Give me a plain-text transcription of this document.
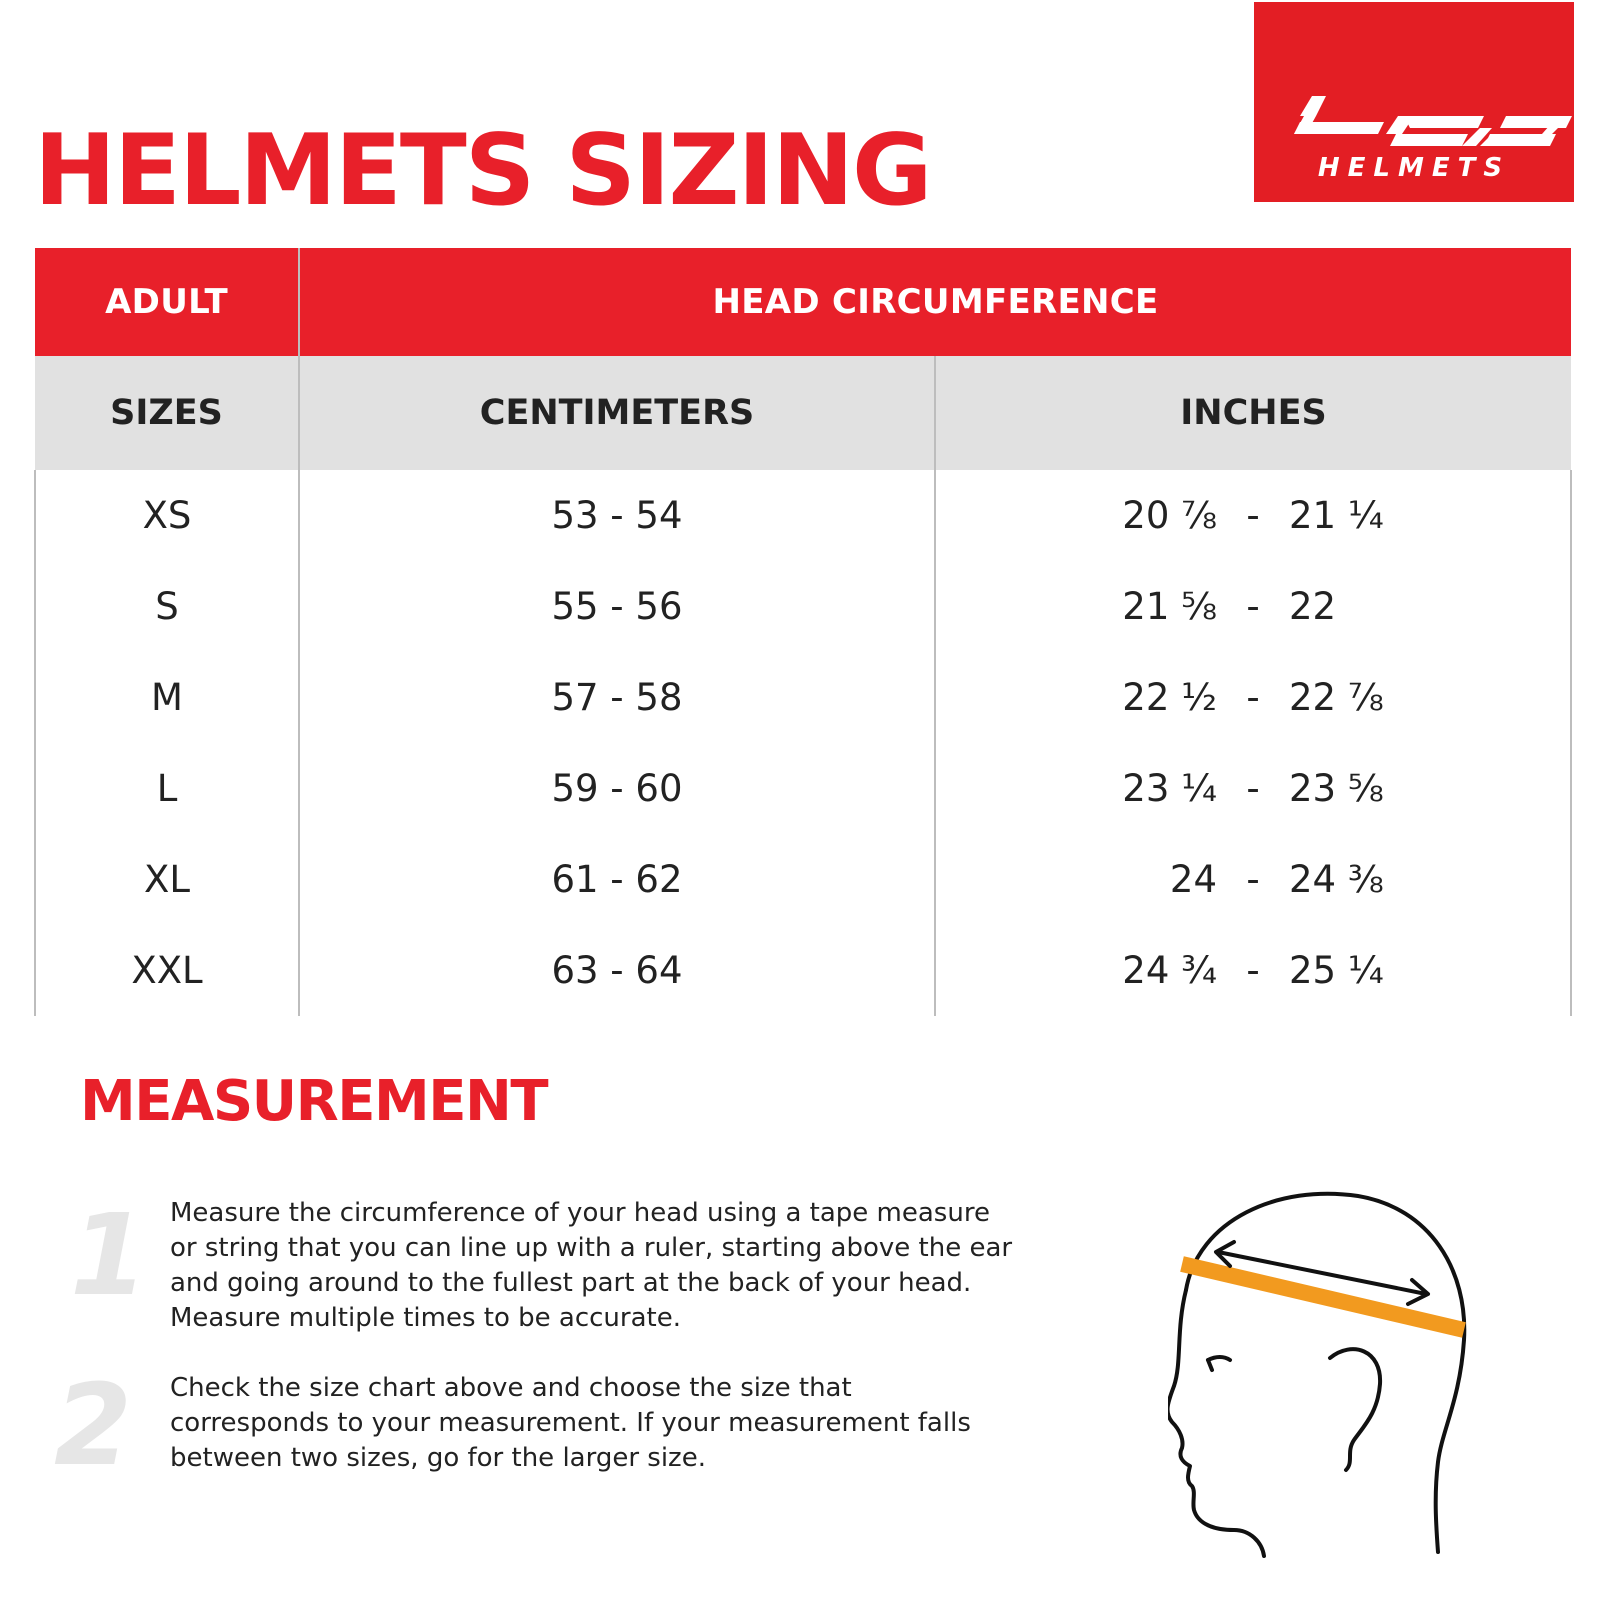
HELMETS SIZING	HELMETS
ADULT	HEAD CIRCUMFERENCE	
SIZES	CENTIMETERS	INCHES
XS	53 - 54	20 ⅞ - 21 ¼
S	55 - 56	21 ⅝ - 22
M	57 - 58	22 ½ - 22 ⅞
L	59 - 60	23 ¼ - 23 ⅝
XL	61 - 62	24 - 24 ⅜
XXL	63 - 64	24 ¾ - 25 ¼
MEASUREMENT
1 Measure the circumference of your head using a tape measure
or string that you can line up with a ruler, starting above the ear
and going around to the fullest part at the back of your head.
Measure multiple times to be accurate.

2 Check the size chart above and choose the size that
corresponds to your measurement. If your measurement falls
between two sizes, go for the larger size.
